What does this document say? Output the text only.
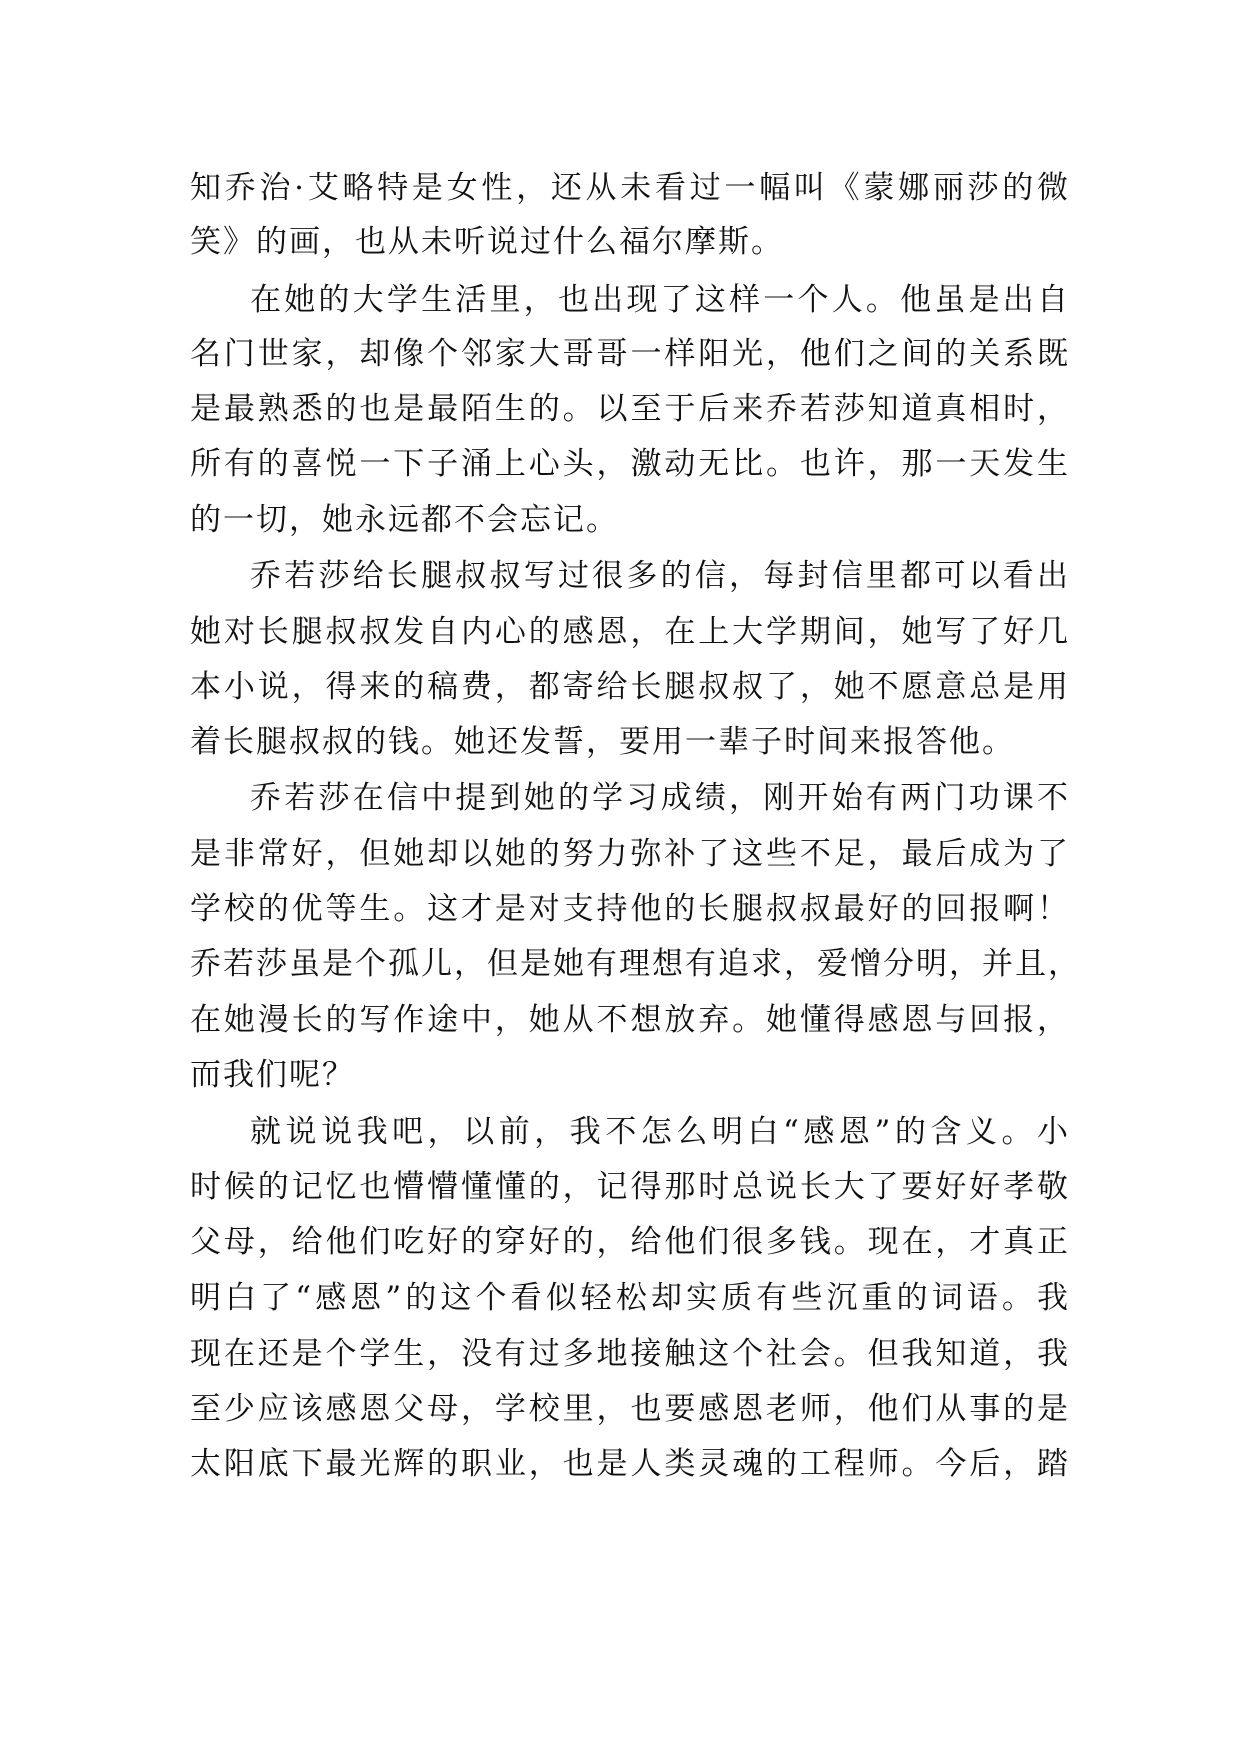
知乔治·艾略特是女性，还从未看过一幅叫《蒙娜丽莎的微
笑》的画，也从未听说过什么福尔摩斯。
在她的大学生活里，也出现了这样一个人。他虽是出自
名门世家，却像个邻家大哥哥一样阳光，他们之间的关系既
是最熟悉的也是最陌生的。以至于后来乔若莎知道真相时，
所有的喜悦一下子涌上心头，激动无比。也许，那一天发生
的一切，她永远都不会忘记。
乔若莎给长腿叔叔写过很多的信，每封信里都可以看出
她对长腿叔叔发自内心的感恩，在上大学期间，她写了好几
本小说，得来的稿费，都寄给长腿叔叔了，她不愿意总是用
着长腿叔叔的钱。她还发誓，要用一辈子时间来报答他。
乔若莎在信中提到她的学习成绩，刚开始有两门功课不
是非常好，但她却以她的努力弥补了这些不足，最后成为了
学校的优等生。这才是对支持他的长腿叔叔最好的回报啊！
乔若莎虽是个孤儿，但是她有理想有追求，爱憎分明，并且，
在她漫长的写作途中，她从不想放弃。她懂得感恩与回报，
而我们呢？
就说说我吧，以前，我不怎么明白“感恩”的含义。小
时候的记忆也懵懵懂懂的，记得那时总说长大了要好好孝敬
父母，给他们吃好的穿好的，给他们很多钱。现在，才真正
明白了“感恩”的这个看似轻松却实质有些沉重的词语。我
现在还是个学生，没有过多地接触这个社会。但我知道，我
至少应该感恩父母，学校里，也要感恩老师，他们从事的是
太阳底下最光辉的职业，也是人类灵魂的工程师。今后，踏
